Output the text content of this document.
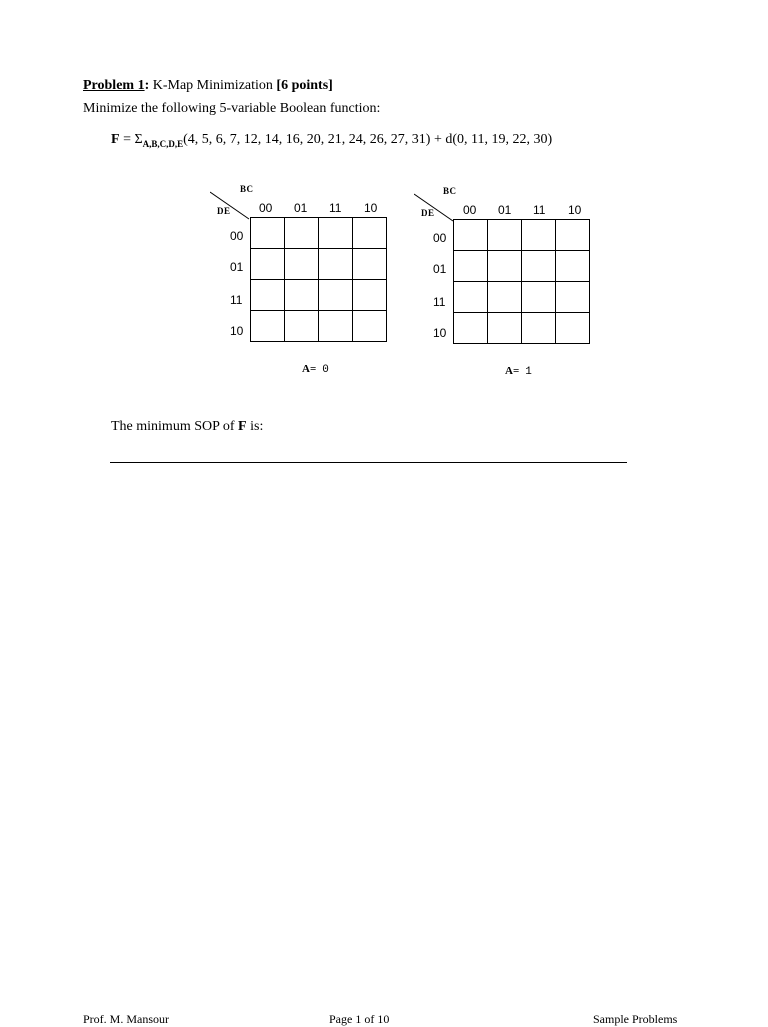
Problem 1: K-Map Minimization [6 points]
Minimize the following 5-variable Boolean function:
$F = \Sigma_{A,B,C,D,E}(4$, 5, 6, 7, 12, 14, 16, 20, 21, 24, 26, 27, 31) + d(0, 11, 19, 22, 30)
BC
DE 00 01 11 10
00
01
11
10

A= 0
BC
DE 00 01 11 10
00
01
11
10

A= 1
The minimum SOP of F is:
Prof. M. Mansour	Page 1 of 10	Sample Problems
